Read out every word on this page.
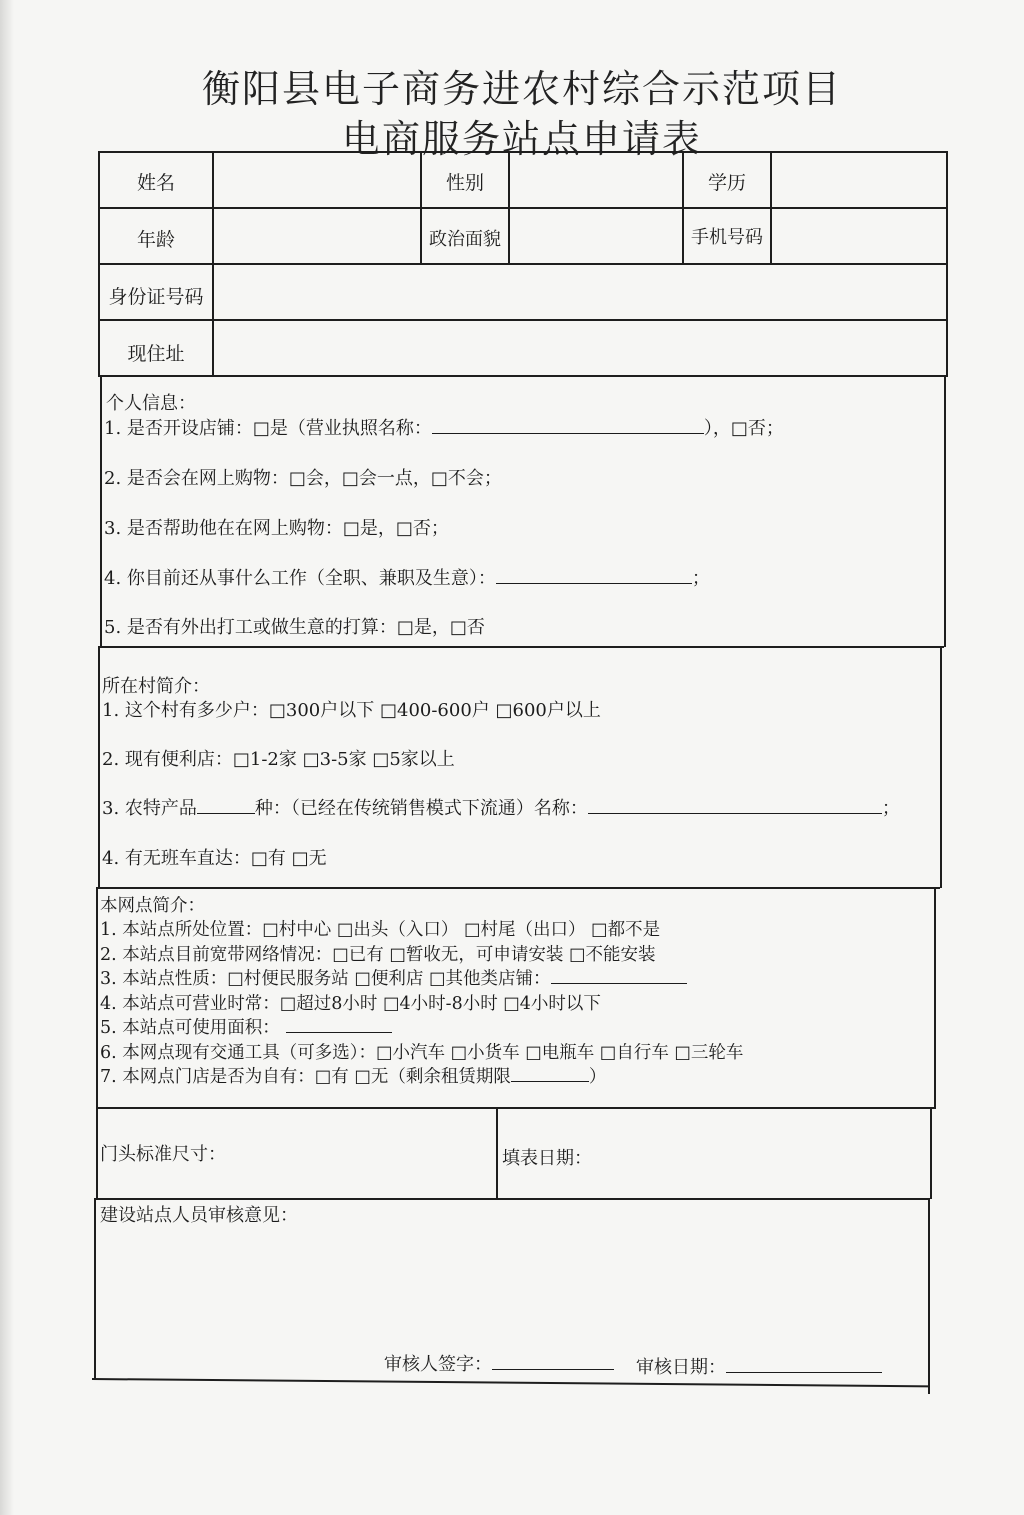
衡阳县电子商务进农村综合示范项目
电商服务站点申请表
姓名	性别	学历
年龄	政治面貌	手机号码
身份证号码
现住址
个人信息：
1. 是否开设店铺：□是（营业执照名称：	），□否；
2. 是否会在网上购物：□会，□会一点，□不会；
3. 是否帮助他在在网上购物：□是，□否；
4. 你目前还从事什么工作（全职、兼职及生意）：	；
5. 是否有外出打工或做生意的打算：□是，□否
所在村简介：
1. 这个村有多少户：□300户以下 □400-600户 □600户以上
2. 现有便利店：□1-2家 □3-5家 □5家以上
3. 农特产品	种：（已经在传统销售模式下流通）名称：	；
4. 有无班车直达：□有 □无
本网点简介：
1. 本站点所处位置：□村中心 □出头（入口） □村尾（出口） □都不是
2. 本站点目前宽带网络情况：□已有 □暂收无，可申请安装 □不能安装
3. 本站点性质：□村便民服务站 □便利店 □其他类店铺：
4. 本站点可营业时常：□超过8小时 □4小时-8小时 □4小时以下
5. 本站点可使用面积：
6. 本网点现有交通工具（可多选）：□小汽车 □小货车 □电瓶车 □自行车 □三轮车
7. 本网点门店是否为自有：□有 □无（剩余租赁期限	）
门头标准尺寸：	填表日期：
建设站点人员审核意见：
审核人签字：	审核日期：
